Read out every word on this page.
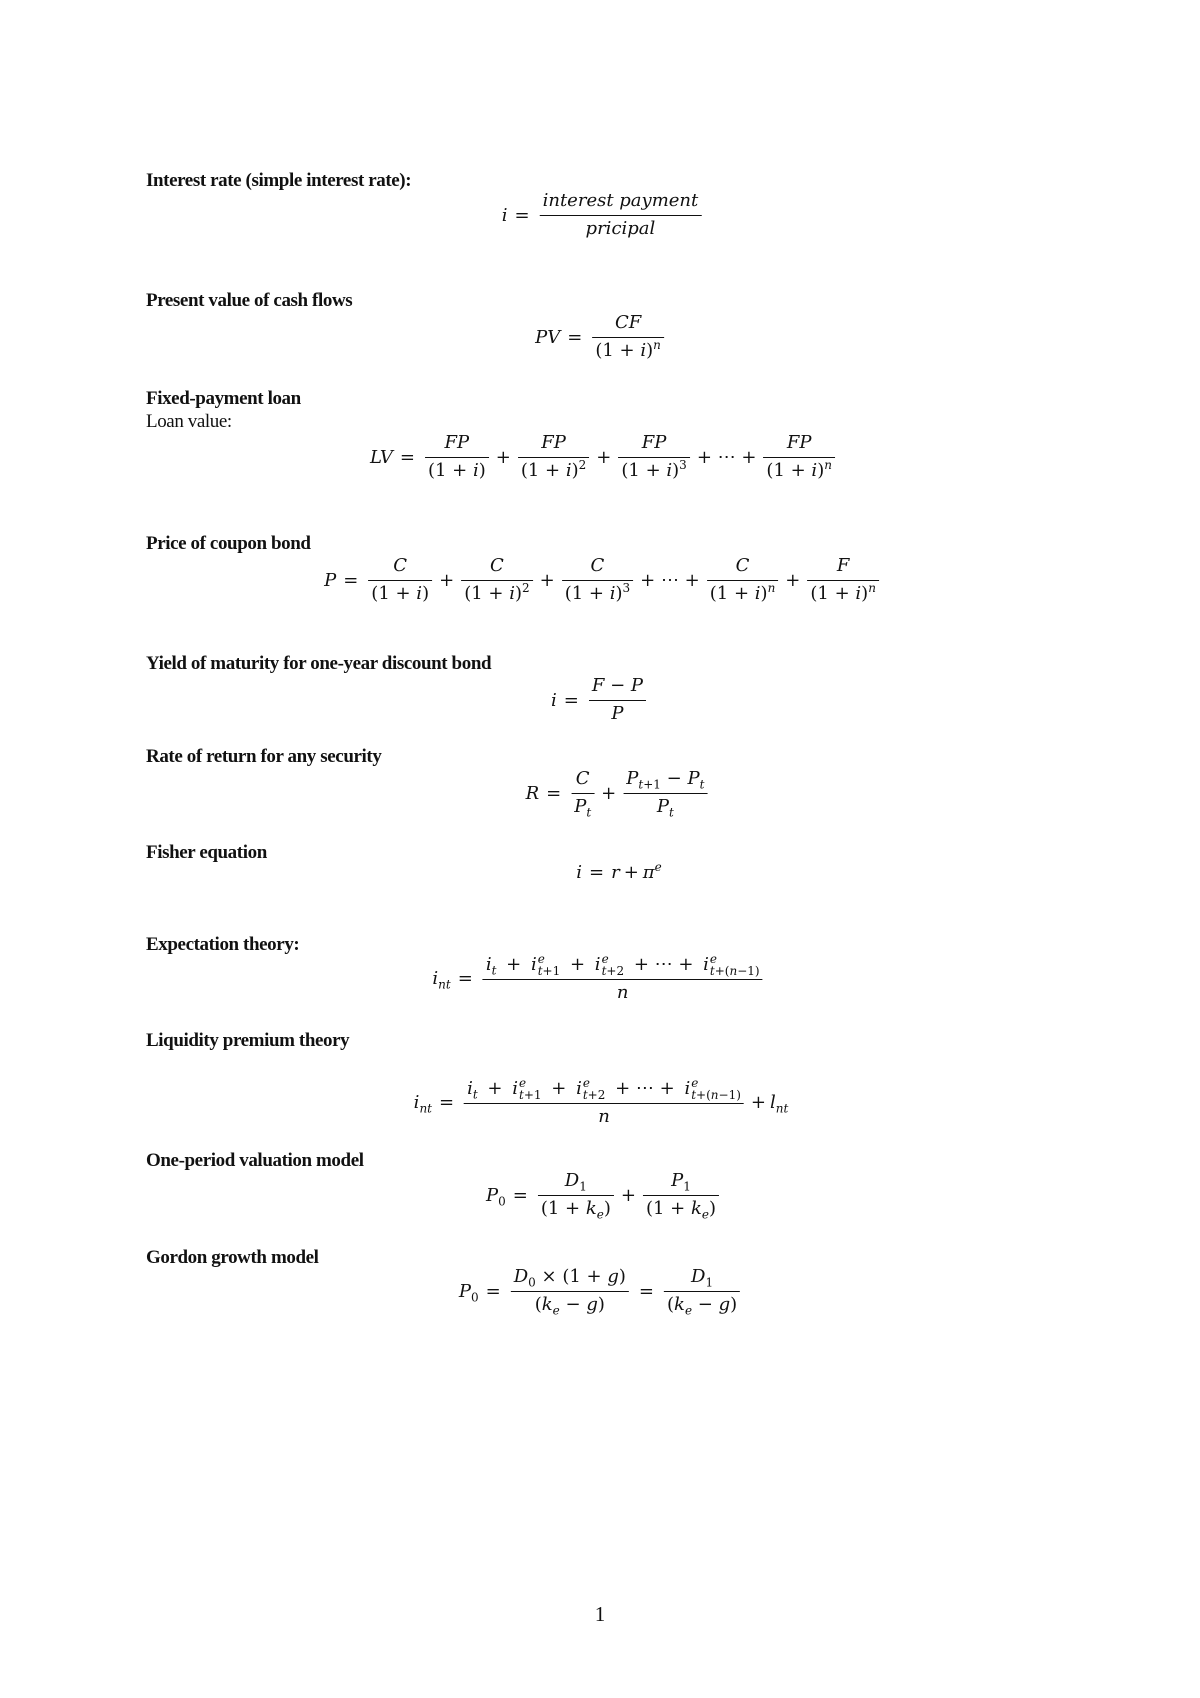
Interest rate (simple interest rate):
$i = \frac{\text{interest payment}}{\text{pricipal}}$
Present value of cash flows
PV = $\frac{CF}{(1 + i)^n}$
Fixed-payment loan
Loan value:
LV = $\frac{FP}{(1 + i)} + \frac{FP}{(1 + i)^2} + \frac{FP}{(1 + i)^3}$ + ⋯ + $\frac{FP}{(1 + i)^n}$
Price of coupon bond
$P = \frac{C}{(1 + i)} + \frac{C}{(1 + i)^2} + \frac{C}{(1 + i)^3}$ + ⋯ + $\frac{C}{(1 + i)^n} + \frac{F}{(1 + i)^n}$
Yield of maturity for one-year discount bond
$i = \frac{F - P}{P}$
Rate of return for any security
$R = \frac{C}{P_t} + \frac{P_{t+1} - P_t}{P_t}$
Fisher equation
$i = r + \pi^e$
Expectation theory:
$i_{nt} = i_t + i$ e
t+1 + i e
t+2 + ⋯ + i e
t+(n−1)
n
Liquidity premium theory
$i_{nt} = i_t + i$ e
t+1 + i e
t+2 + ⋯ + i e
t+(n−1)
$n + l_{nt}$
One-period valuation model
$P_0 = \frac{D_1}{(1 + k_e)} + \frac{P_1}{(1 + k_e)}$
Gordon growth model
$P_0 = \frac{D_0 \times (1 + g)}{(k_e - g)} = \frac{D_1}{(k_e - g)}$
1
